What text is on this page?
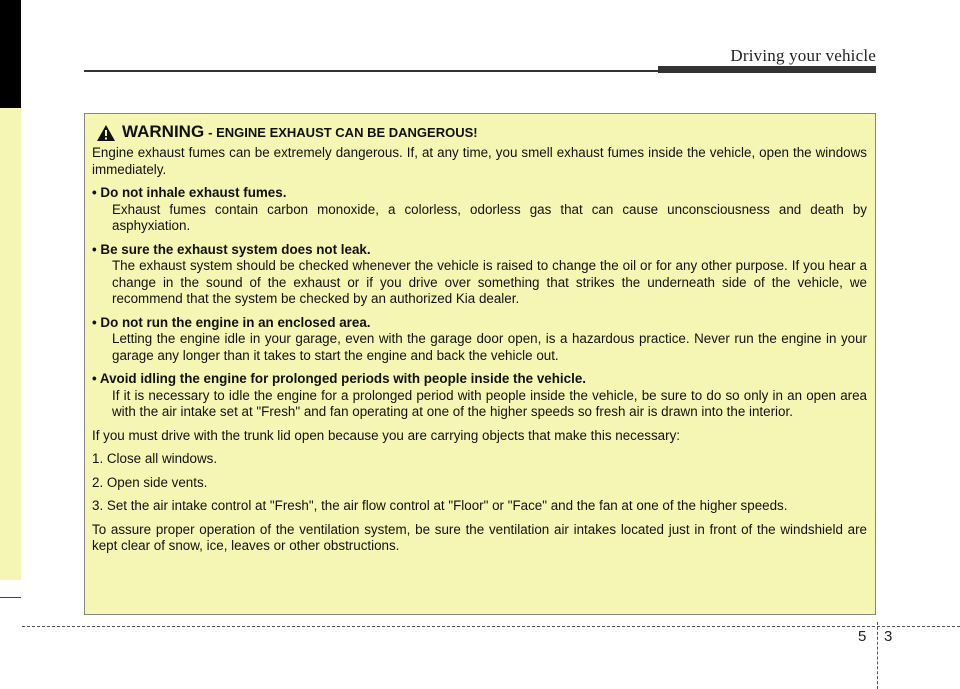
Driving your vehicle
WARNING - ENGINE EXHAUST CAN BE DANGEROUS!

Engine exhaust fumes can be extremely dangerous. If, at any time, you smell exhaust fumes inside the vehicle, open the windows immediately.

• Do not inhale exhaust fumes.

Exhaust fumes contain carbon monoxide, a colorless, odorless gas that can cause unconsciousness and death by asphyxiation.

• Be sure the exhaust system does not leak.

The exhaust system should be checked whenever the vehicle is raised to change the oil or for any other purpose. If you hear a change in the sound of the exhaust or if you drive over something that strikes the underneath side of the vehicle, we recommend that the system be checked by an authorized Kia dealer.

• Do not run the engine in an enclosed area.

Letting the engine idle in your garage, even with the garage door open, is a hazardous practice. Never run the engine in your garage any longer than it takes to start the engine and back the vehicle out.

• Avoid idling the engine for prolonged periods with people inside the vehicle.

If it is necessary to idle the engine for a prolonged period with people inside the vehicle, be sure to do so only in an open area with the air intake set at "Fresh" and fan operating at one of the higher speeds so fresh air is drawn into the interior.

If you must drive with the trunk lid open because you are carrying objects that make this necessary:

1. Close all windows.

2. Open side vents.

3. Set the air intake control at "Fresh", the air flow control at "Floor" or "Face" and the fan at one of the higher speeds.

To assure proper operation of the ventilation system, be sure the ventilation air intakes located just in front of the windshield are kept clear of snow, ice, leaves or other obstructions.

5 3
